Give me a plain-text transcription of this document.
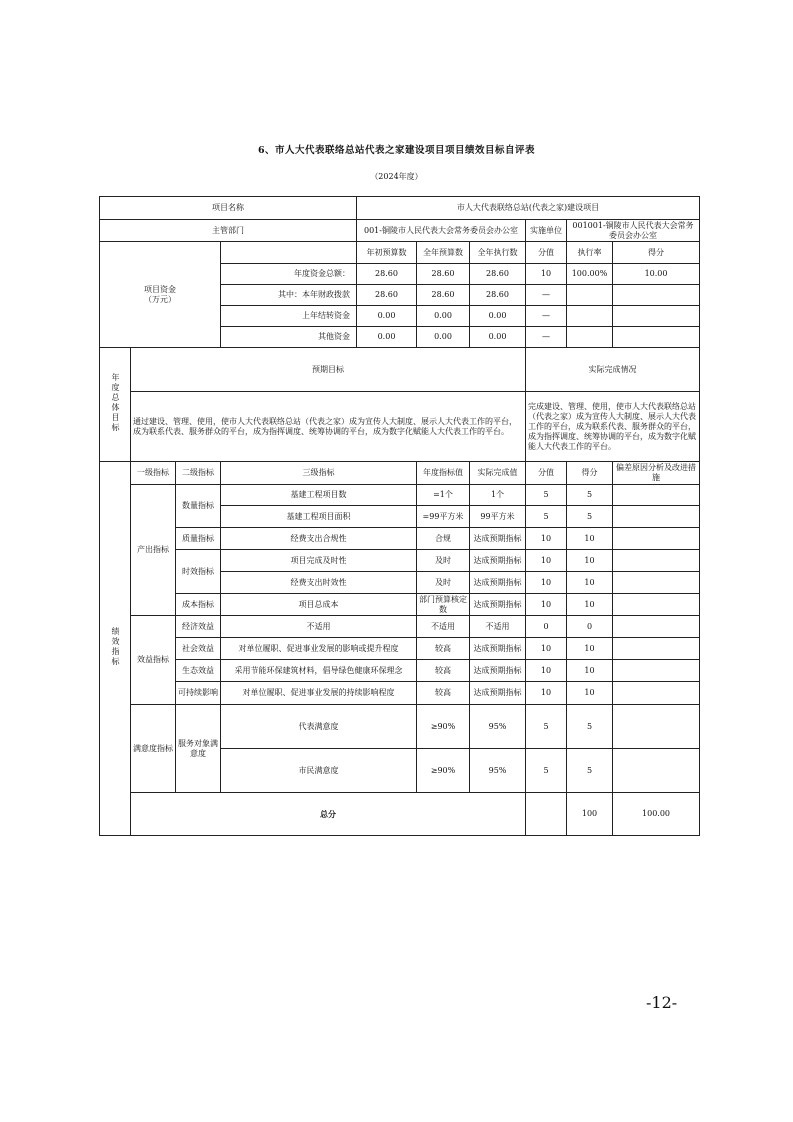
6、市人大代表联络总站代表之家建设项目项目绩效目标自评表
（2024年度）
项目名称				市人大代表联络总站(代表之家)建设项目						
主管部门				001-铜陵市人民代表大会常务委员会办公室			实施单位	001001-铜陵市人民代表大会常务委员会办公室		
项目资金
（万元）				年初预算数	全年预算数	全年执行数	分值	执行率	得分	
			年度资金总额：	28.60	28.60	28.60	10	100.00%	10.00	
			其中：本年财政拨款	28.60	28.60	28.60	—			
			上年结转资金	0.00	0.00	0.00	—			
			其他资金	0.00	0.00	0.00	—			
年度总体目标	预期目标						实际完成情况			
	通过建设、管理、使用，使市人大代表联络总站（代表之家）成为宣传人大制度、展示人大代表工作的平台，成为联系代表、服务群众的平台，成为指挥调度、统筹协调的平台，成为数字化赋能人大代表工作的平台。						完成建设、管理、使用，使市人大代表联络总站（代表之家）成为宣传人大制度、展示人大代表工作的平台，成为联系代表、服务群众的平台，成为指挥调度、统筹协调的平台，成为数字化赋能人大代表工作的平台。			
绩效指标	一级指标	二级指标	三级指标		年度指标值	实际完成值	分值	得分	偏差原因分析及改进措施	
	产出指标	数量指标	基建工程项目数		=1个	1个	5	5		
			基建工程项目面积		=99平方米	99平方米	5	5		
		质量指标	经费支出合规性		合规	达成预期指标	10	10		
		时效指标	项目完成及时性		及时	达成预期指标	10	10		
			经费支出时效性		及时	达成预期指标	10	10		
		成本指标	项目总成本		部门预算核定数	达成预期指标	10	10		
	效益指标	经济效益	不适用		不适用	不适用	0	0		
		社会效益	对单位履职、促进事业发展的影响或提升程度		较高	达成预期指标	10	10		
		生态效益	采用节能环保建筑材料，倡导绿色健康环保理念		较高	达成预期指标	10	10		
		可持续影响	对单位履职、促进事业发展的持续影响程度		较高	达成预期指标	10	10		
	满意度指标	服务对象满意度	代表满意度		≥90%	95%	5	5		
			市民满意度		≥90%	95%	5	5		
	总分							100	100.00	
-12-
